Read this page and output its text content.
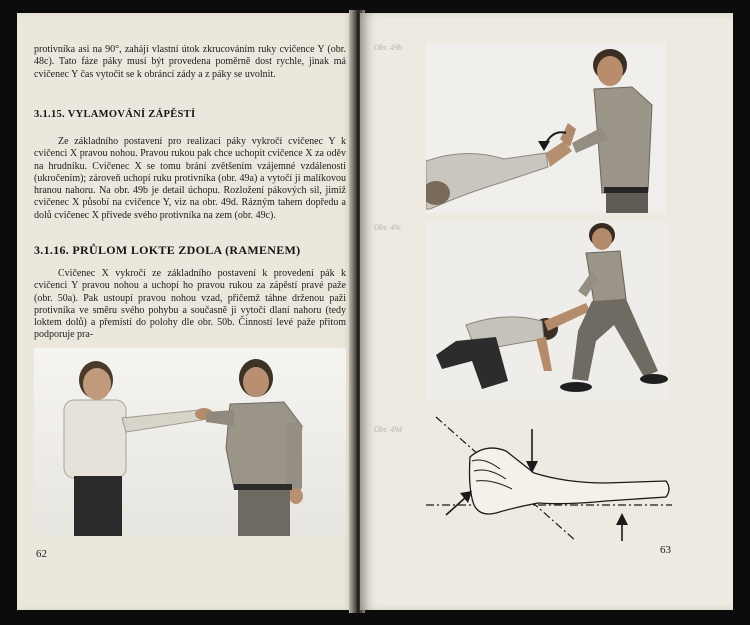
protivníka asi na 90°, zahájí vlastní útok zkrucováním ruky cvičence Y (obr. 48c). Tato fáze páky musí být provedena poměrně dost rychle, jinak má cvičenec Y čas vytočit se k obráncí zády a z páky se uvolnit.
3.1.15. VYLAMOVÁNÍ ZÁPĚSTÍ
Ze základního postavení pro realizaci páky vykročí cvičenec Y k cvičenci X pravou nohou. Pravou rukou pak chce uchopit cvičence X za oděv na hrudníku. Cvičenec X se tomu brání zvětšením vzájemné vzdálenosti (ukročením); zároveň uchopí ruku protivníka (obr. 49a) a vytočí ji malíkovou hranou nahoru. Na obr. 49b je detail úchopu. Rozložení pákových sil, jimiž cvičenec X působí na cvičence Y, viz na obr. 49d. Rázným tahem dopředu a dolů cvičenec X přivede svého protivníka na zem (obr. 49c).
3.1.16. PRŮLOM LOKTE ZDOLA (RAMENEM)
Cvičenec X vykročí ze základního postavení k provedení pák k cvičenci Y pravou nohou a uchopí ho pravou rukou za zápěstí pravé paže (obr. 50a). Pak ustoupí pravou nohou vzad, přičemž táhne drženou paži protivníka ve směru svého pohybu a současně ji vytočí dlaní nahoru (tedy loktem dolů) a přemístí do polohy dle obr. 50b. Činností levé paže přitom podporuje pra-
62
Obr. 49b
Obr. 49c
Obr. 49d
63
